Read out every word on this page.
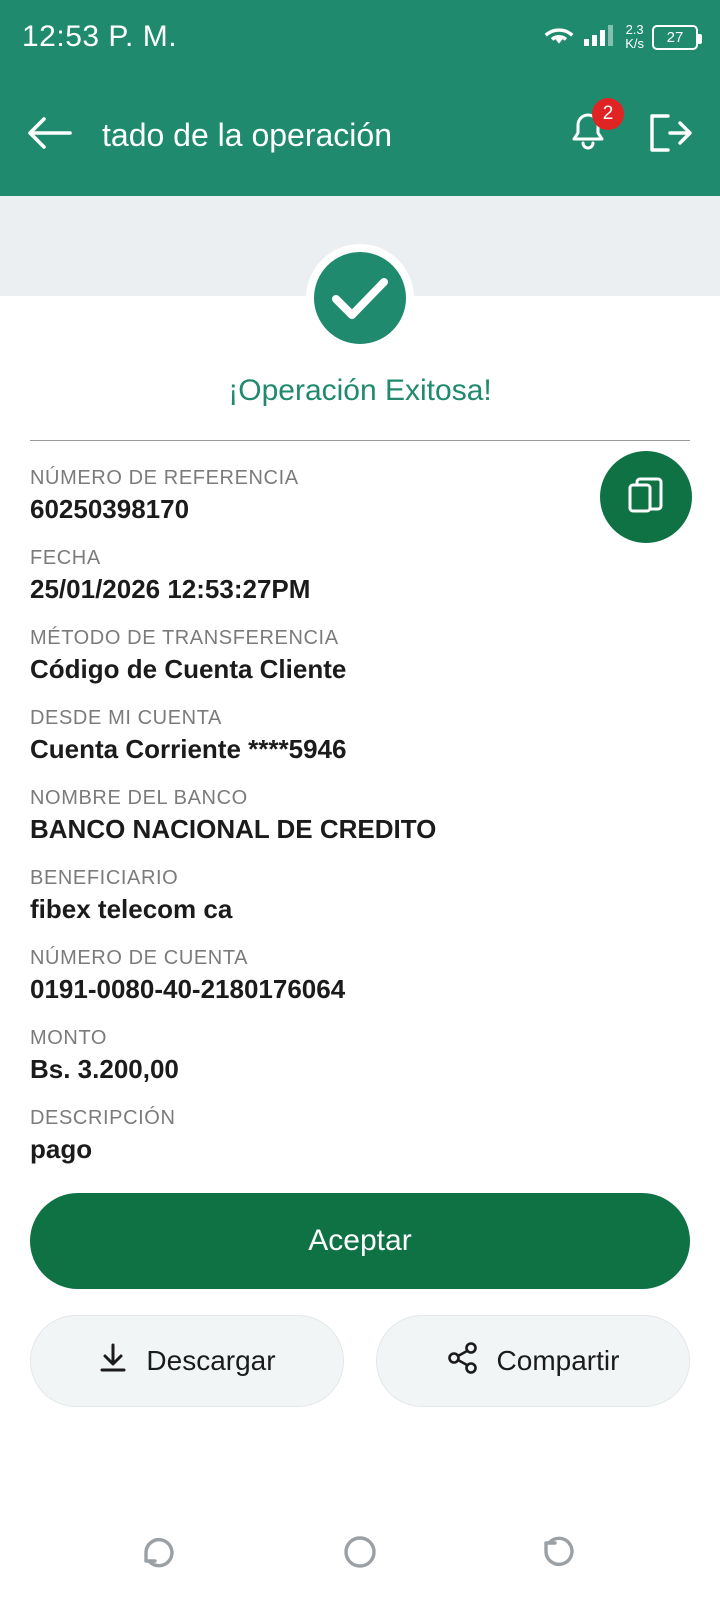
12:53 P. M.	2.3
K/s 27
tado de la operación
2
¡Operación Exitosa!
NÚMERO DE REFERENCIA
60250398170
FECHA
25/01/2026 12:53:27PM
MÉTODO DE TRANSFERENCIA
Código de Cuenta Cliente
DESDE MI CUENTA
Cuenta Corriente ****5946
NOMBRE DEL BANCO
BANCO NACIONAL DE CREDITO
BENEFICIARIO
fibex telecom ca
NÚMERO DE CUENTA
0191-0080-40-2180176064
MONTO
Bs. 3.200,00
DESCRIPCIÓN
pago
Aceptar
Descargar	Compartir
